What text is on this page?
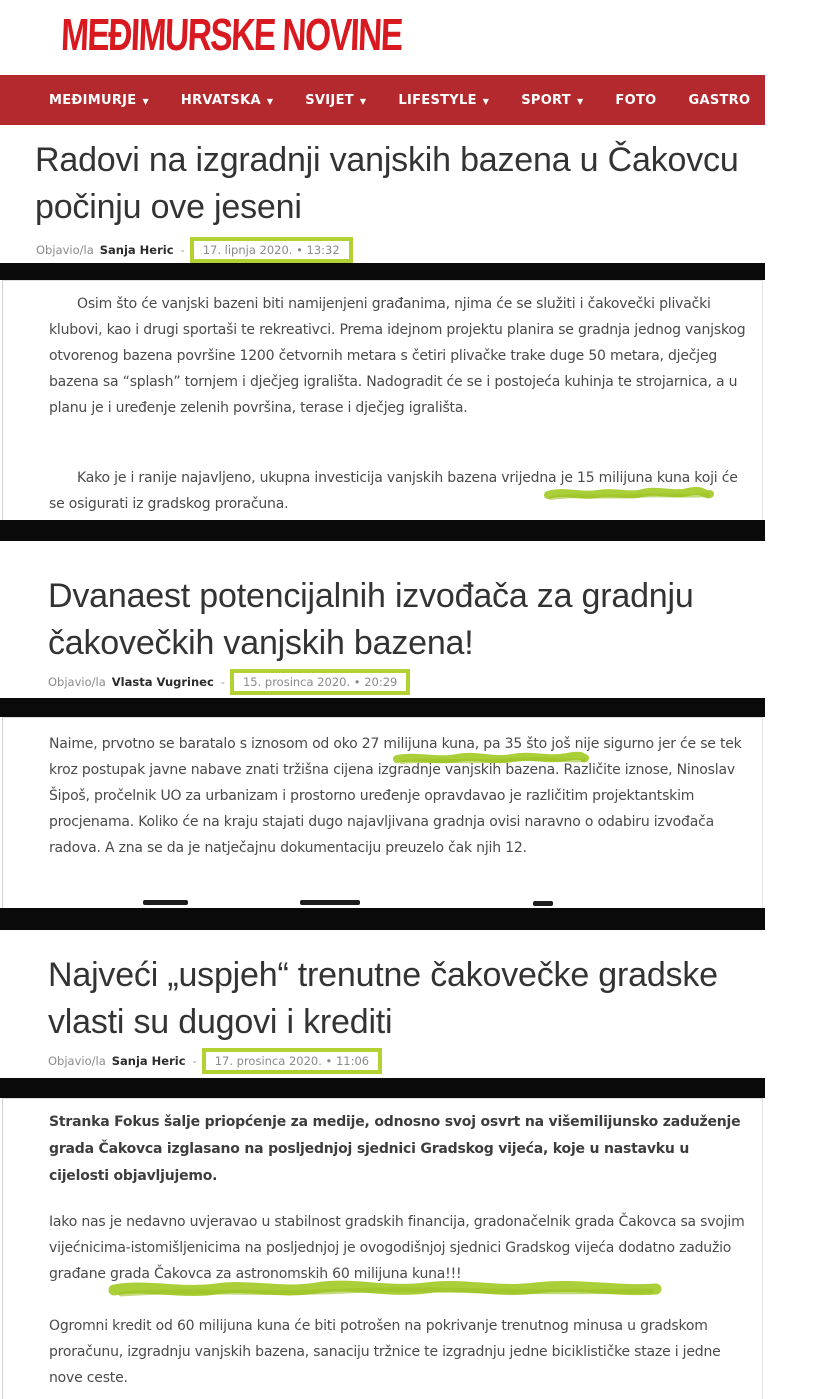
MEĐIMURSKE NOVINE
MEĐIMURJE ▼ HRVATSKA ▼ SVIJET ▼ LIFESTYLE ▼ SPORT ▼ FOTO GASTRO IN
Radovi na izgradnji vanjskih bazena u Čakovcu počinju ove jeseni
Objavio/la Sanja Heric -	17. lipnja 2020. • 13:32
Osim što će vanjski bazeni biti namijenjeni građanima, njima će se služiti i čakovečki plivački klubovi, kao i drugi sportaši te rekreativci. Prema idejnom projektu planira se gradnja jednog vanjskog otvorenog bazena površine 1200 četvornih metara s četiri plivačke trake duge 50 metara, dječjeg bazena sa “splash” tornjem i dječjeg igrališta. Nadogradit će se i postojeća kuhinja te strojarnica, a u planu je i uređenje zelenih površina, terase i dječjeg igrališta.
Kako je i ranije najavljeno, ukupna investicija vanjskih bazena vrijedna je 15 milijuna kuna koji će se osigurati iz gradskog proračuna.
Dvanaest potencijalnih izvođača za gradnju čakovečkih vanjskih bazena!
Objavio/la Vlasta Vugrinec -	15. prosinca 2020. • 20:29
Naime, prvotno se baratalo s iznosom od oko 27 milijuna kuna, pa 35 što još nije sigurno jer će se tek kroz postupak javne nabave znati tržišna cijena izgradnje vanjskih bazena. Različite iznose, Ninoslav Šipoš, pročelnik UO za urbanizam i prostorno uređenje opravdavao je različitim projektantskim procjenama. Koliko će na kraju stajati dugo najavljivana gradnja ovisi naravno o odabiru izvođača radova. A zna se da je natječajnu dokumentaciju preuzelo čak njih 12.
Najveći „uspjeh“ trenutne čakovečke gradske vlasti su dugovi i krediti
Objavio/la Sanja Heric -	17. prosinca 2020. • 11:06
Stranka Fokus šalje priopćenje za medije, odnosno svoj osvrt na višemilijunsko zaduženje grada Čakovca izglasano na posljednjoj sjednici Gradskog vijeća, koje u nastavku u cijelosti objavljujemo.
Iako nas je nedavno uvjeravao u stabilnost gradskih financija, gradonačelnik grada Čakovca sa svojim vijećnicima-istomišljenicima na posljednjoj je ovogodišnjoj sjednici Gradskog vijeća dodatno zadužio građane grada Čakovca za astronomskih 60 milijuna kuna!!!
Ogromni kredit od 60 milijuna kuna će biti potrošen na pokrivanje trenutnog minusa u gradskom proračunu, izgradnju vanjskih bazena, sanaciju tržnice te izgradnju jedne biciklističke staze i jedne nove ceste.
